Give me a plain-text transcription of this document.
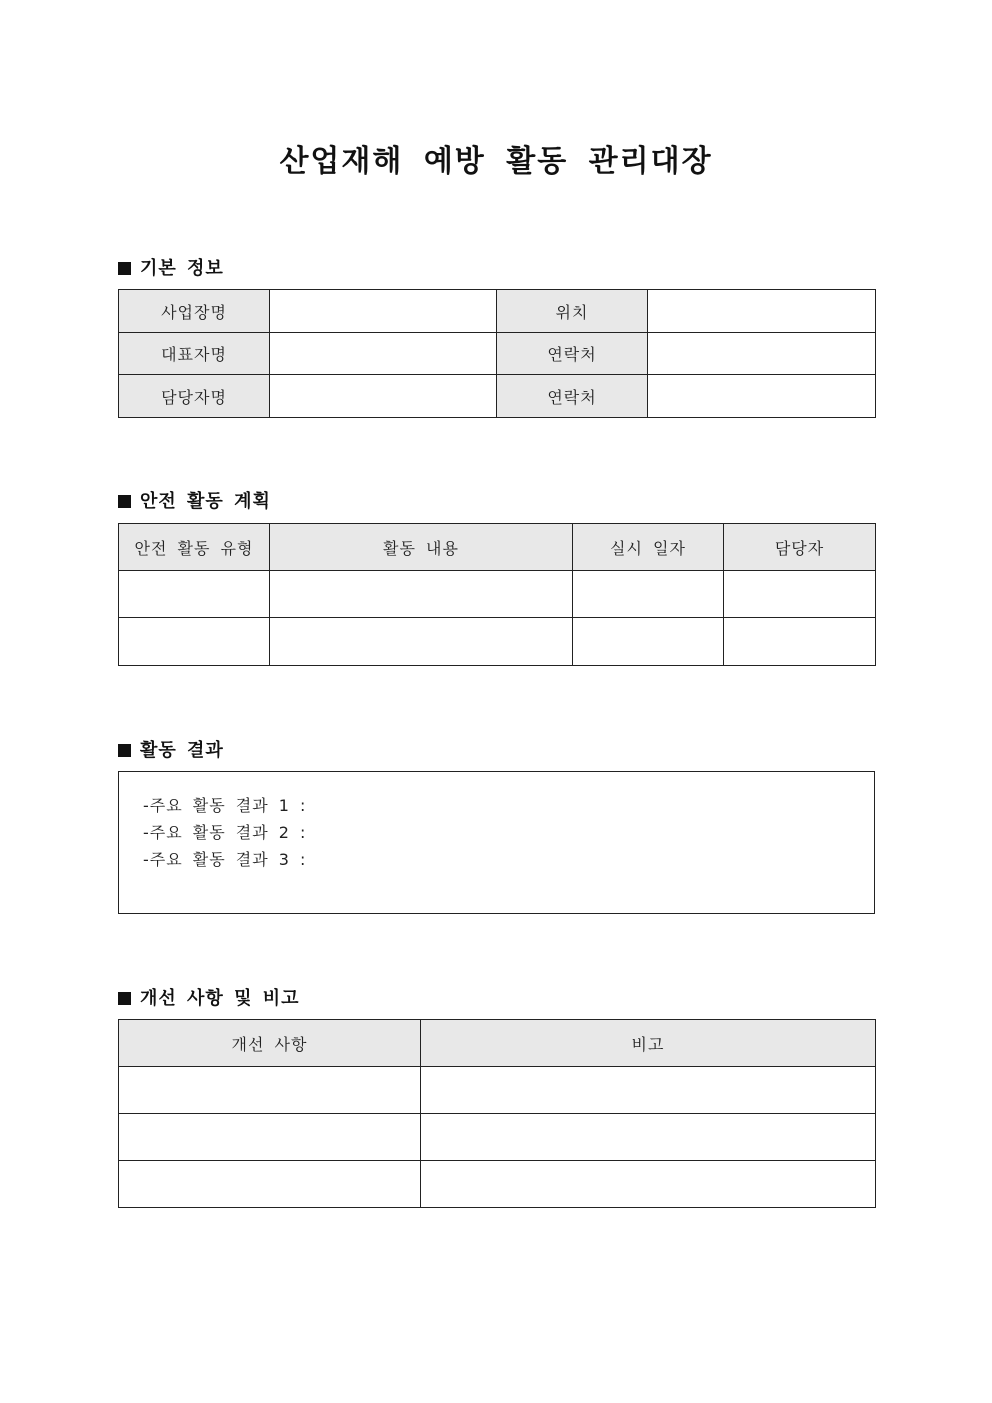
산업재해 예방 활동 관리대장
기본 정보
사업장명		위치	
대표자명		연락처	
담당자명		연락처	
안전 활동 계획
안전 활동 유형	활동 내용	실시 일자	담당자

활동 결과
-주요 활동 결과 1 :
-주요 활동 결과 2 :
-주요 활동 결과 3 :
개선 사항 및 비고
개선 사항	비고
